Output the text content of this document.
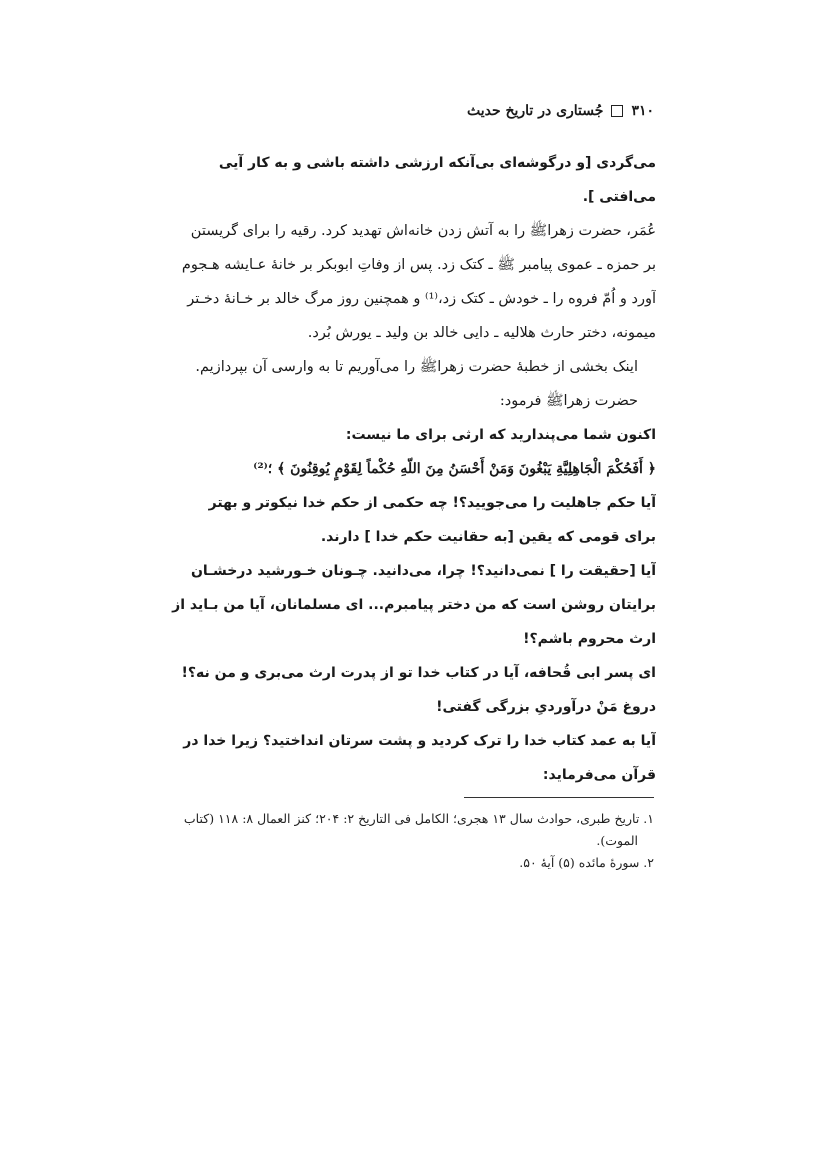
۳۱۰
جُستاری در تاریخ حدیث
می‌گردی [و درگوشه‌ای بی‌آنکه ارزشی داشته باشی و به کار آیی
می‌افتی ].
عُمَر، حضرت زهرا‌ﷺ را به آتش زدن خانه‌اش تهدید کرد. رقیه را برای گریستن
بر حمزه ـ عموی پیامبر ﷺ ـ کتک زد. پس از وفاتِ ابوبکر بر خانهٔ عـایشه هـجوم
آورد و اُمّ فروه را ـ خودش ـ کتک زد،⁽¹⁾ و همچنین روز مرگ خالد بر خـانهٔ دخـتر
میمونه، دختر حارث هلالیه ـ دایی خالد بن ولید ـ یورش بُرد.
اینک بخشی از خطبهٔ حضرت زهرا‌ﷺ را می‌آوریم تا به وارسی آن بپردازیم.
حضرت زهرا‌ﷺ فرمود:
اکنون شما می‌پندارید که ارثی برای ما نیست:
﴿ أَفَحُكْمَ الْجَاهِلِيَّةِ يَبْغُونَ وَمَنْ أَحْسَنُ مِنَ اللّهِ حُكْماً لِقَوْمٍ يُوقِنُونَ ﴾ ؛⁽²⁾
آیا حکم جاهلیت را می‌جویید؟! چه حکمی از حکم خدا نیکوتر و بهتر
برای قومی که یقین [به حقانیت حکم خدا ] دارند.
آیا [حقیقت را ] نمی‌دانید؟! چرا، می‌دانید. چـونان خـورشید درخشـان
برایتان روشن است که من دختر پیامبرم... ای مسلمانان، آیا من بـاید از
ارث محروم باشم؟!
ای پسر ابی قُحافه، آیا در کتاب خدا تو از پدرت ارث می‌بری و من نه؟!
دروغ مَنْ درآوردیِ بزرگی گفتی!
آیا به عمد کتاب خدا را ترک کردید و پشت سرتان انداختید؟ زیرا خدا در
قرآن می‌فرماید:
۱. تاریخ طبری، حوادث سال ۱۳ هجری؛ الکامل فی التاریخ ۲: ۲۰۴؛ کنز العمال ۸: ۱۱۸ (کتاب
الموت).
۲. سورهٔ مائده (۵) آیهٔ ۵۰.
